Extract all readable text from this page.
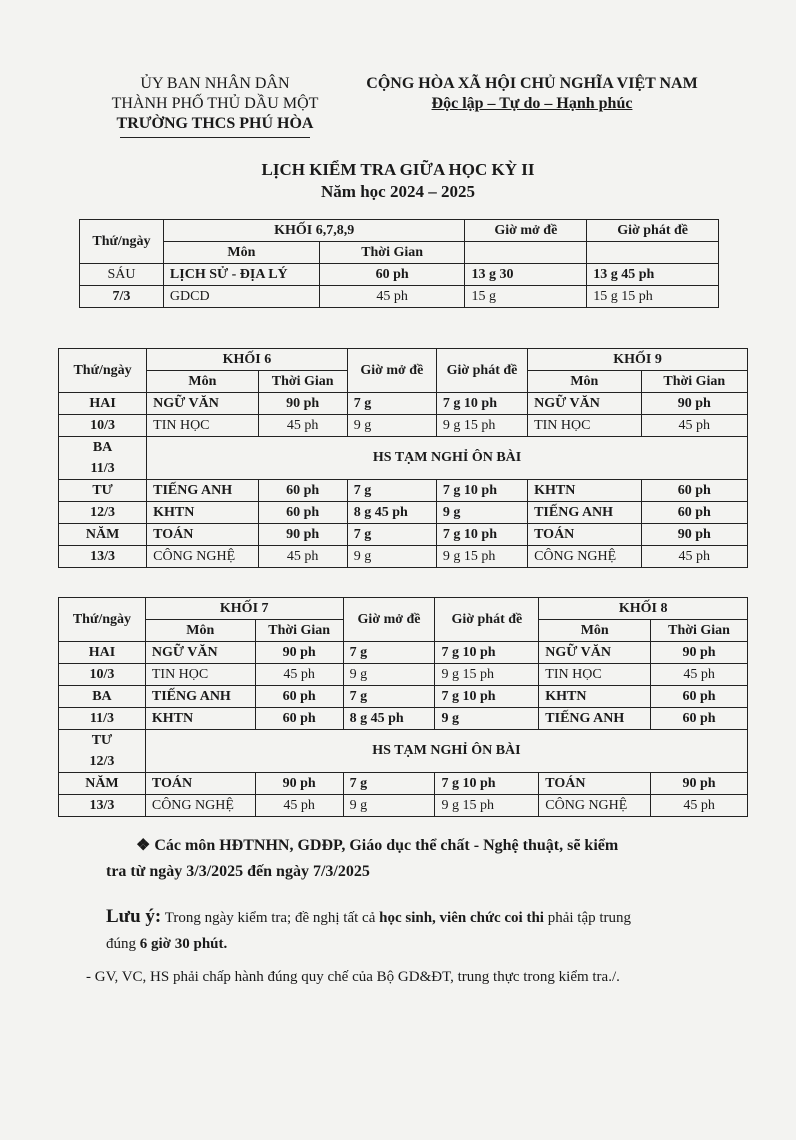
ỦY BAN NHÂN DÂN
THÀNH PHỐ THỦ DẦU MỘT
TRƯỜNG THCS PHÚ HÒA
CỘNG HÒA XÃ HỘI CHỦ NGHĨA VIỆT NAM
Độc lập – Tự do – Hạnh phúc
LỊCH KIỂM TRA GIỮA HỌC KỲ II
Năm học 2024 – 2025
Thứ/ngày	KHỐI 6,7,8,9		Giờ mở đề	Giờ phát đề
	Môn	Thời Gian		
SÁU	LỊCH SỬ - ĐỊA LÝ	60 ph	13 g 30	13 g 45 ph
7/3	GDCD	45 ph	15 g	15 g 15 ph
Thứ/ngày	KHỐI 6		Giờ mở đề	Giờ phát đề	KHỐI 9	
	Môn	Thời Gian			Môn	Thời Gian
HAI	NGỮ VĂN	90 ph	7 g	7 g 10 ph	NGỮ VĂN	90 ph
10/3	TIN HỌC	45 ph	9 g	9 g 15 ph	TIN HỌC	45 ph
BA	HS TẠM NGHỈ ÔN BÀI					
11/3						
TƯ	TIẾNG ANH	60 ph	7 g	7 g 10 ph	KHTN	60 ph
12/3	KHTN	60 ph	8 g 45 ph	9 g	TIẾNG ANH	60 ph
NĂM	TOÁN	90 ph	7 g	7 g 10 ph	TOÁN	90 ph
13/3	CÔNG NGHỆ	45 ph	9 g	9 g 15 ph	CÔNG NGHỆ	45 ph
Thứ/ngày	KHỐI 7		Giờ mở đề	Giờ phát đề	KHỐI 8	
	Môn	Thời Gian			Môn	Thời Gian
HAI	NGỮ VĂN	90 ph	7 g	7 g 10 ph	NGỮ VĂN	90 ph
10/3	TIN HỌC	45 ph	9 g	9 g 15 ph	TIN HỌC	45 ph
BA	TIẾNG ANH	60 ph	7 g	7 g 10 ph	KHTN	60 ph
11/3	KHTN	60 ph	8 g 45 ph	9 g	TIẾNG ANH	60 ph
TƯ	HS TẠM NGHỈ ÔN BÀI					
12/3						
NĂM	TOÁN	90 ph	7 g	7 g 10 ph	TOÁN	90 ph
13/3	CÔNG NGHỆ	45 ph	9 g	9 g 15 ph	CÔNG NGHỆ	45 ph
❖ Các môn HĐTNHN, GDĐP, Giáo dục thể chất - Nghệ thuật, sẽ kiểm
tra từ ngày 3/3/2025 đến ngày 7/3/2025
Lưu ý: Trong ngày kiểm tra; đề nghị tất cả học sinh, viên chức coi thi phải tập trung
đúng 6 giờ 30 phút.
- GV, VC, HS phải chấp hành đúng quy chế của Bộ GD&ĐT, trung thực trong kiểm tra./.
